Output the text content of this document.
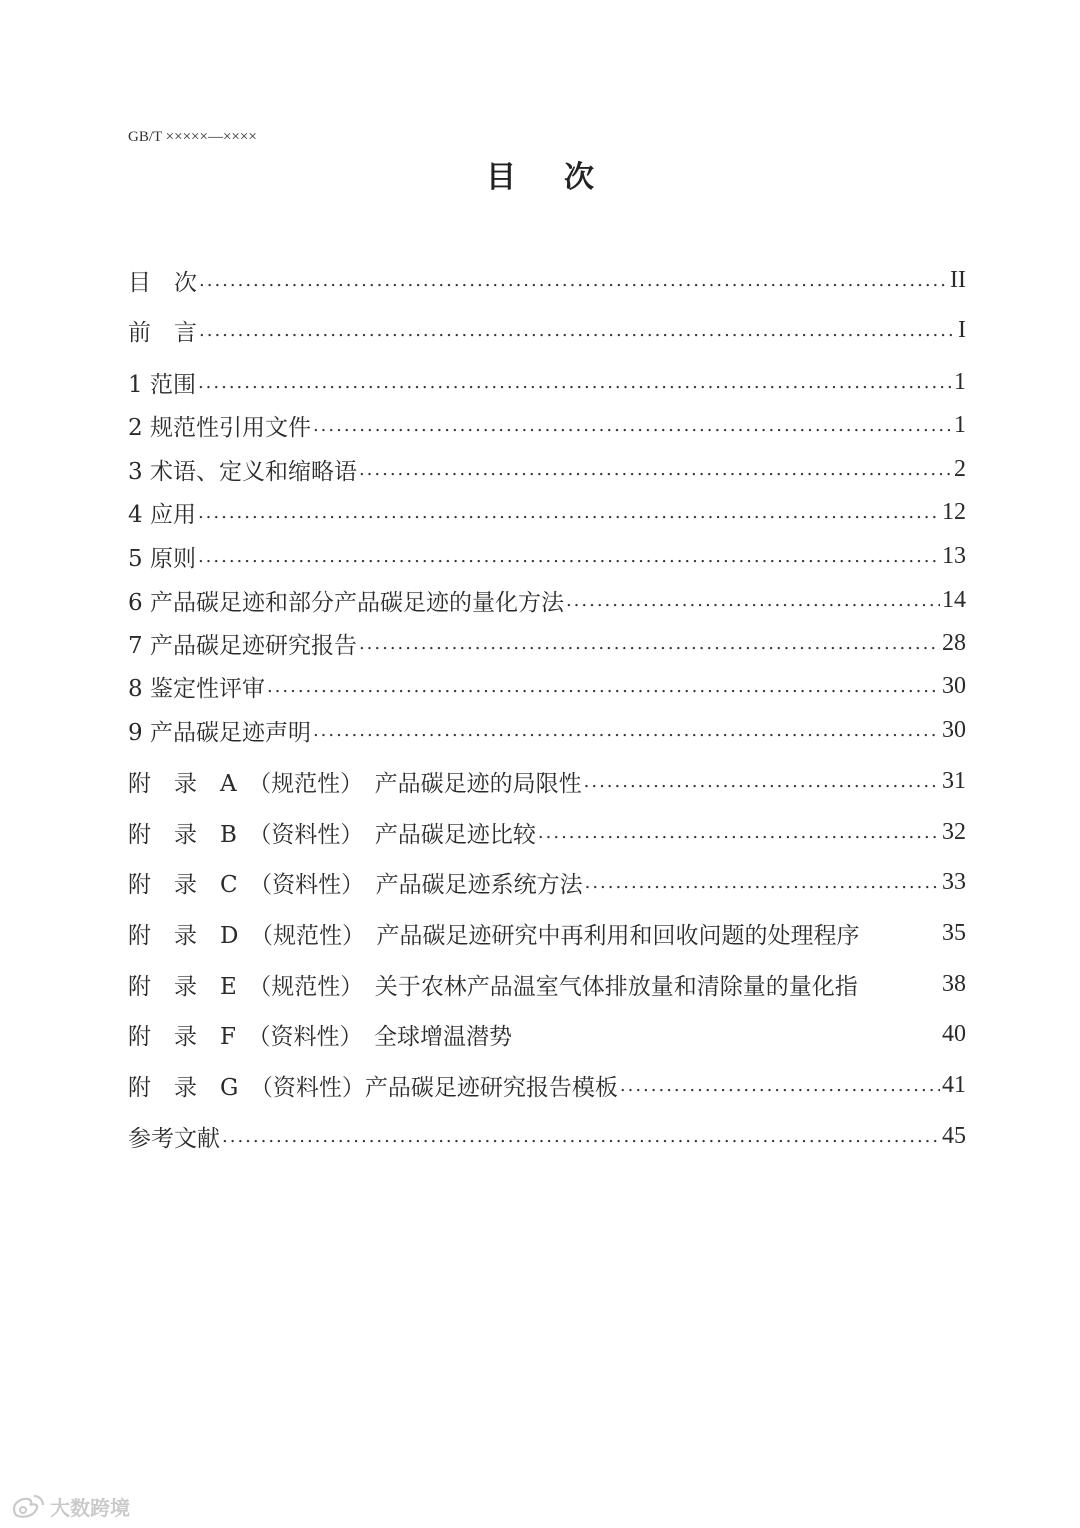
GB/T ×××××—××××
目次
目　次 .....	II
前　言 .....	I
1 范围 .....	1
2 规范性引用文件 .....	1
3 术语、定义和缩略语 .....	2
4 应用 .....	12
5 原则 .....	13
6 产品碳足迹和部分产品碳足迹的量化方法 .....	14
7 产品碳足迹研究报告 .....	28
8 鉴定性评审 .....	30
9 产品碳足迹声明 .....	30
附　录　A　（规范性）　产品碳足迹的局限性 .....	31
附　录　B　（资料性）　产品碳足迹比较 .....	32
附　录　C　（资料性）　产品碳足迹系统方法 .....	33
附　录　D　（规范性）　产品碳足迹研究中再利用和回收问题的处理程序	35
附　录　E　（规范性）　关于农林产品温室气体排放量和清除量的量化指	38
附　录　F　（资料性）　全球增温潜势	40
附　录　G　（资料性）产品碳足迹研究报告模板 .....	41
参考文献 .....	45
大数跨境
